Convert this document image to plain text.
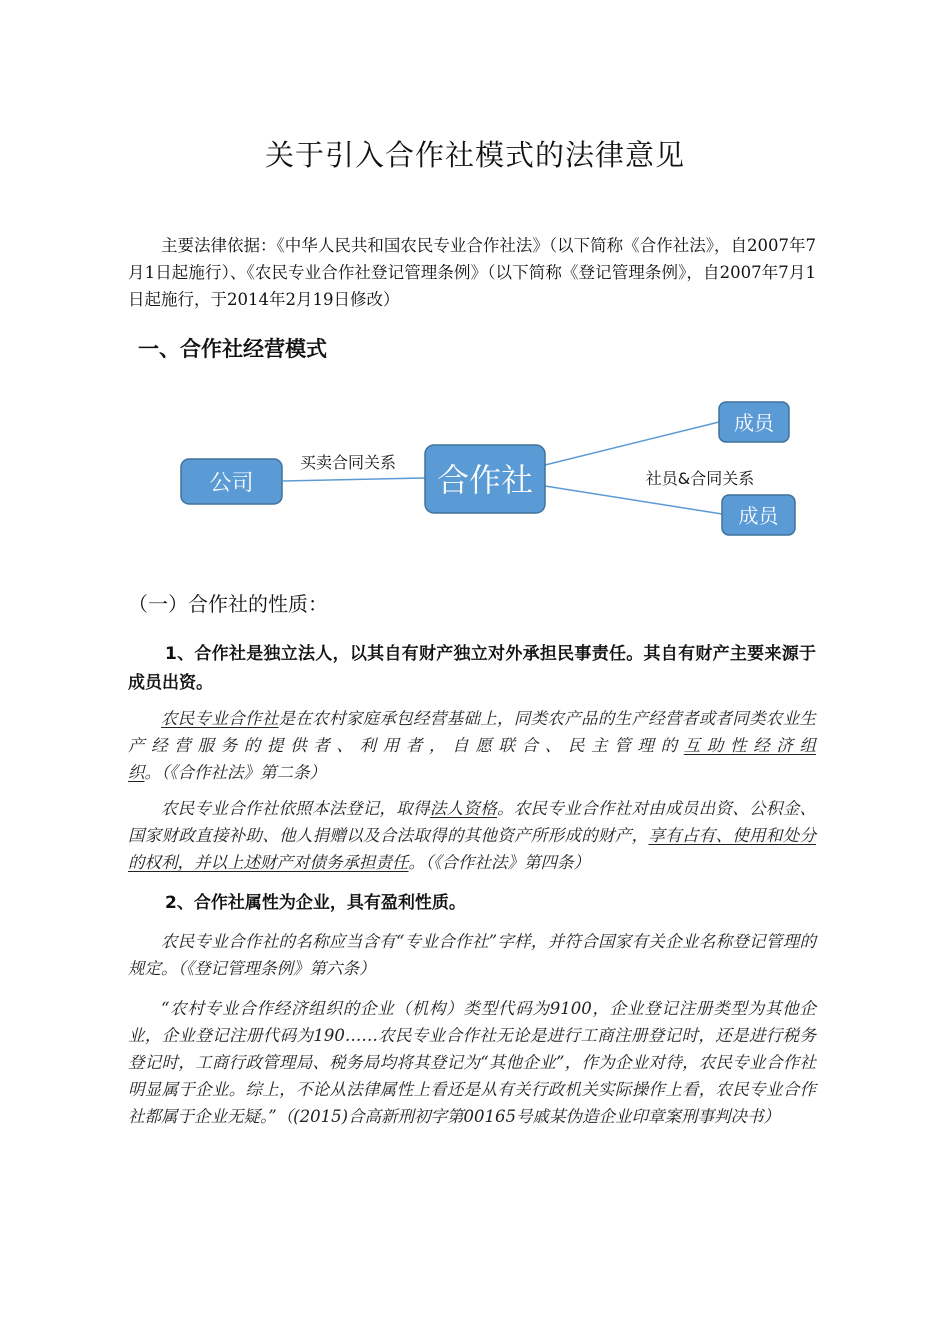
关于引入合作社模式的法律意见
主要法律依据：《中华人民共和国农民专业合作社法》（以下简称《合作社法》，自2007年7月1日起施行）、《农民专业合作社登记管理条例》（以下简称《登记管理条例》，自2007年7月1日起施行，于2014年2月19日修改）
一、合作社经营模式
公司	合作社
成员
成员
买卖合同关系
社员&合同关系
（一）合作社的性质：
1、合作社是独立法人，以其自有财产独立对外承担民事责任。其自有财产主要来源于成员出资。
农民专业合作社是在农村家庭承包经营基础上，同类农产品的生产经营者或者同类农业生产经营服务的提供者、利用者，自愿联合、民主管理的互助性经济组织。（《合作社法》第二条）
农民专业合作社依照本法登记，取得法人资格。农民专业合作社对由成员出资、公积金、国家财政直接补助、他人捐赠以及合法取得的其他资产所形成的财产，享有占有、使用和处分的权利，并以上述财产对债务承担责任。（《合作社法》第四条）
2、合作社属性为企业，具有盈利性质。
农民专业合作社的名称应当含有“专业合作社”字样，并符合国家有关企业名称登记管理的规定。（《登记管理条例》第六条）
“农村专业合作经济组织的企业（机构）类型代码为9100，企业登记注册类型为其他企业，企业登记注册代码为190……农民专业合作社无论是进行工商注册登记时，还是进行税务登记时，工商行政管理局、税务局均将其登记为“其他企业”，作为企业对待，农民专业合作社明显属于企业。综上，不论从法律属性上看还是从有关行政机关实际操作上看，农民专业合作社都属于企业无疑。”（(2015)合高新刑初字第00165号戚某伪造企业印章案刑事判决书）
